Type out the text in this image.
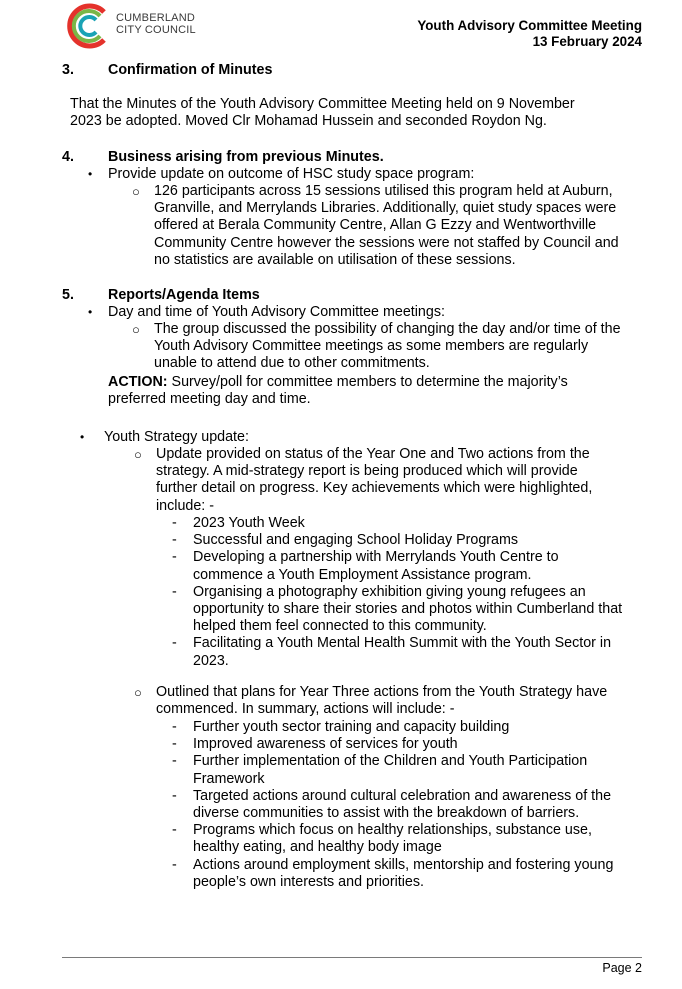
CUMBERLAND
CITY COUNCIL	Youth Advisory Committee Meeting
13 February 2024
3. Confirmation of Minutes
That the Minutes of the Youth Advisory Committee Meeting held on 9 November
2023 be adopted. Moved Clr Mohamad Hussein and seconded Roydon Ng.
4. Business arising from previous Minutes.
• Provide update on outcome of HSC study space program:
○ 126 participants across 15 sessions utilised this program held at Auburn,
Granville, and Merrylands Libraries. Additionally, quiet study spaces were
offered at Berala Community Centre, Allan G Ezzy and Wentworthville
Community Centre however the sessions were not staffed by Council and
no statistics are available on utilisation of these sessions.
5. Reports/Agenda Items
• Day and time of Youth Advisory Committee meetings:
○ The group discussed the possibility of changing the day and/or time of the
Youth Advisory Committee meetings as some members are regularly
unable to attend due to other commitments.
ACTION: Survey/poll for committee members to determine the majority’s
preferred meeting day and time.
• Youth Strategy update:
○ Update provided on status of the Year One and Two actions from the
strategy. A mid-strategy report is being produced which will provide
further detail on progress. Key achievements which were highlighted,
include: -
- 2023 Youth Week
- Successful and engaging School Holiday Programs
- Developing a partnership with Merrylands Youth Centre to
commence a Youth Employment Assistance program.
- Organising a photography exhibition giving young refugees an
opportunity to share their stories and photos within Cumberland that
helped them feel connected to this community.
- Facilitating a Youth Mental Health Summit with the Youth Sector in
2023.
○ Outlined that plans for Year Three actions from the Youth Strategy have
commenced. In summary, actions will include: -
- Further youth sector training and capacity building
- Improved awareness of services for youth
- Further implementation of the Children and Youth Participation
Framework
- Targeted actions around cultural celebration and awareness of the
diverse communities to assist with the breakdown of barriers.
- Programs which focus on healthy relationships, substance use,
healthy eating, and healthy body image
- Actions around employment skills, mentorship and fostering young
people’s own interests and priorities.
Page 2
